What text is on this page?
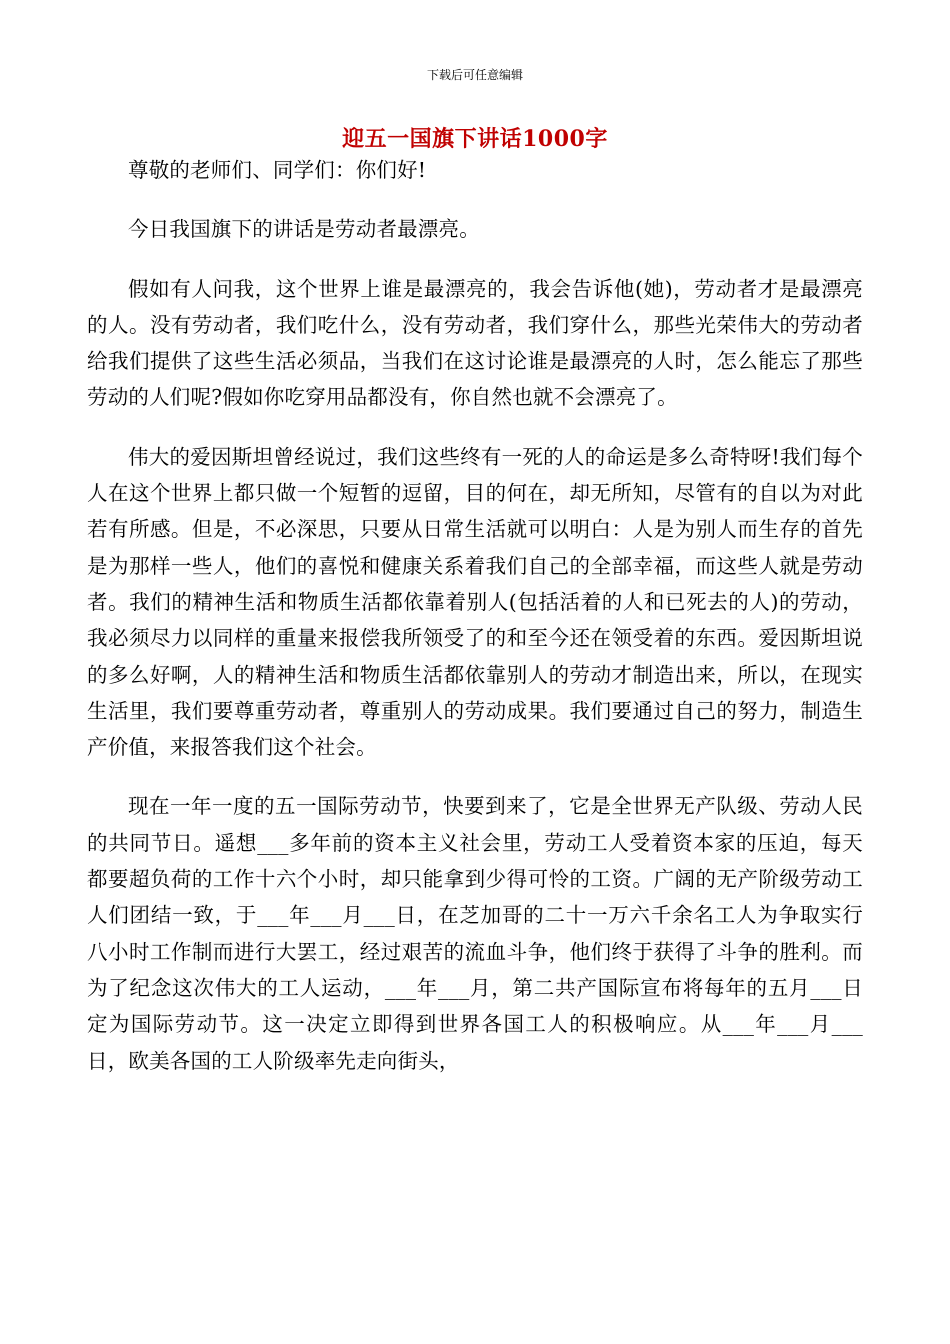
下载后可任意编辑
迎五一国旗下讲话1000字

尊敬的老师们、同学们：你们好!

今日我国旗下的讲话是劳动者最漂亮。

假如有人问我，这个世界上谁是最漂亮的，我会告诉他(她)，劳动者才是最漂亮的人。没有劳动者，我们吃什么，没有劳动者，我们穿什么，那些光荣伟大的劳动者给我们提供了这些生活必须品，当我们在这讨论谁是最漂亮的人时，怎么能忘了那些劳动的人们呢?假如你吃穿用品都没有，你自然也就不会漂亮了。

伟大的爱因斯坦曾经说过，我们这些终有一死的人的命运是多么奇特呀!我们每个人在这个世界上都只做一个短暂的逗留，目的何在，却无所知，尽管有的自以为对此若有所感。但是，不必深思，只要从日常生活就可以明白：人是为别人而生存的首先是为那样一些人，他们的喜悦和健康关系着我们自己的全部幸福，而这些人就是劳动者。我们的精神生活和物质生活都依靠着别人(包括活着的人和已死去的人)的劳动，我必须尽力以同样的重量来报偿我所领受了的和至今还在领受着的东西。爱因斯坦说的多么好啊，人的精神生活和物质生活都依靠别人的劳动才制造出来，所以，在现实生活里，我们要尊重劳动者，尊重别人的劳动成果。我们要通过自己的努力，制造生产价值，来报答我们这个社会。

现在一年一度的五一国际劳动节，快要到来了，它是全世界无产队级、劳动人民的共同节日。遥想___多年前的资本主义社会里，劳动工人受着资本家的压迫，每天都要超负荷的工作十六个小时，却只能拿到少得可怜的工资。广阔的无产阶级劳动工人们团结一致，于___年___月___日，在芝加哥的二十一万六千余名工人为争取实行八小时工作制而进行大罢工，经过艰苦的流血斗争，他们终于获得了斗争的胜利。而为了纪念这次伟大的工人运动，___年___月，第二共产国际宣布将每年的五月___日定为国际劳动节。这一决定立即得到世界各国工人的积极响应。从___年___月___日，欧美各国的工人阶级率先走向街头，
